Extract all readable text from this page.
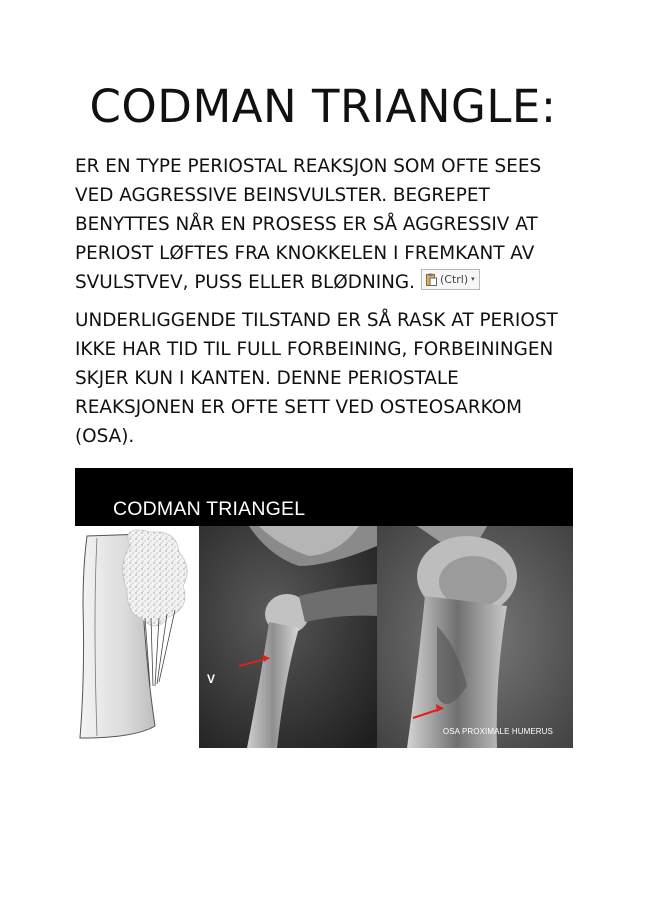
CODMAN TRIANGLE:
ER EN TYPE PERIOSTAL REAKSJON SOM OFTE SEES VED AGGRESSIVE BEINSVULSTER. BEGREPET BENYTTES NÅR EN PROSESS ER SÅ AGGRESSIV AT PERIOST LØFTES FRA KNOKKELEN I FREMKANT AV SVULSTVEV, PUSS ELLER BLØDNING. (Ctrl) ▾
UNDERLIGGENDE TILSTAND ER SÅ RASK AT PERIOST IKKE HAR TID TIL FULL FORBEINING, FORBEININGEN SKJER KUN I KANTEN. DENNE PERIOSTALE REAKSJONEN ER OFTE SETT VED OSTEOSARKOM (OSA).
CODMAN TRIANGEL
V
OSA PROXIMALE HUMERUS
